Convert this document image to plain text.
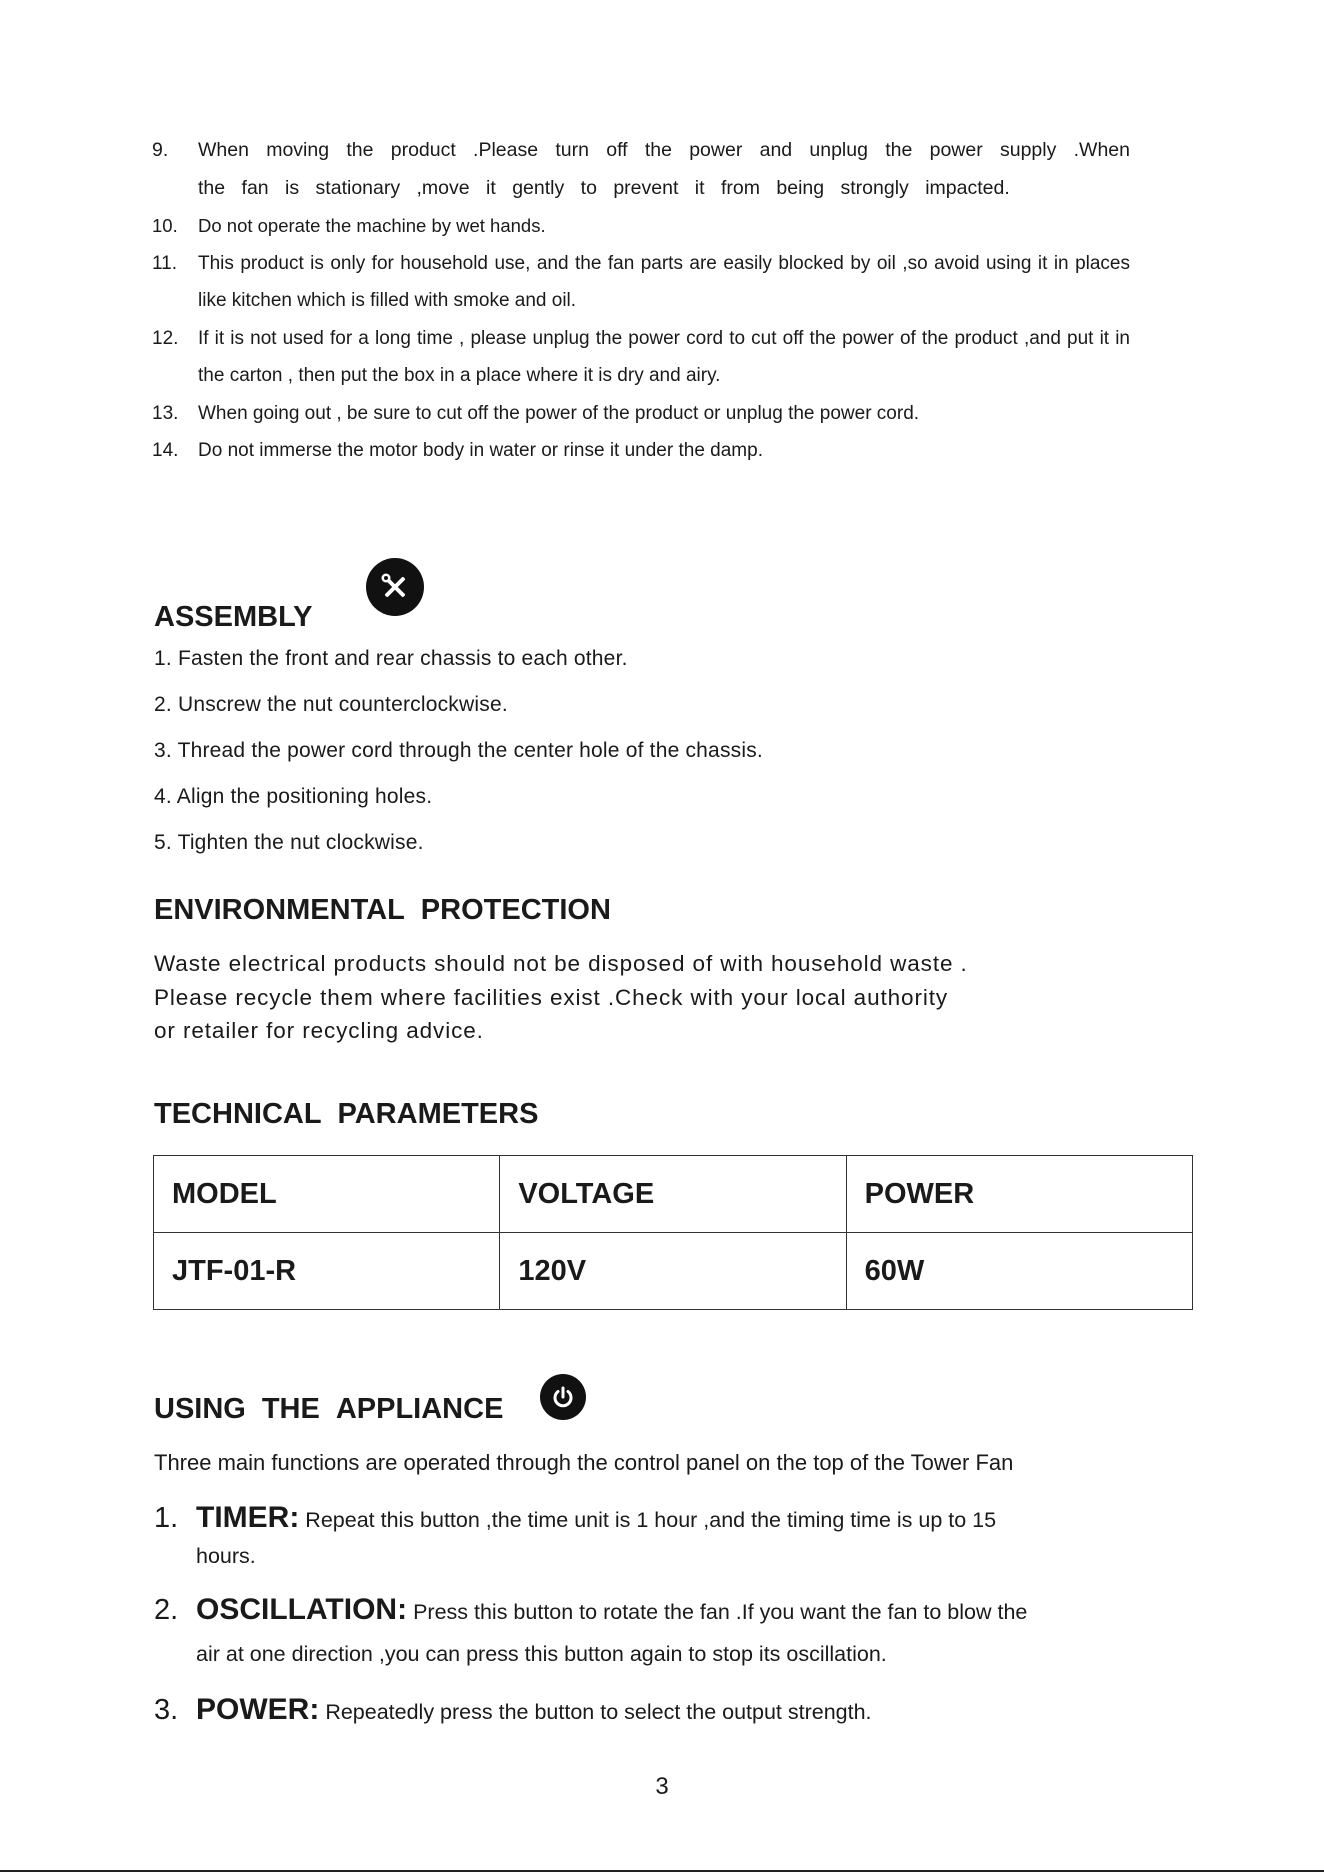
9. When moving the product .Please turn off the power and unplug the power supply .When the fan is stationary ,move it gently to prevent it from being strongly impacted.
10. Do not operate the machine by wet hands.
11. This product is only for household use, and the fan parts are easily blocked by oil ,so avoid using it in places like kitchen which is filled with smoke and oil.
12. If it is not used for a long time , please unplug the power cord to cut off the power of the product ,and put it in the carton , then put the box in a place where it is dry and airy.
13. When going out , be sure to cut off the power of the product or unplug the power cord.
14. Do not immerse the motor body in water or rinse it under the damp.
ASSEMBLY
1. Fasten the front and rear chassis to each other.
2. Unscrew the nut counterclockwise.
3. Thread the power cord through the center hole of the chassis.
4. Align the positioning holes.
5. Tighten the nut clockwise.
ENVIRONMENTAL PROTECTION
Waste electrical products should not be disposed of with household waste .
Please recycle them where facilities exist .Check with your local authority
or retailer for recycling advice.
TECHNICAL PARAMETERS
MODEL	VOLTAGE	POWER
JTF-01-R	120V	60W
USING THE APPLIANCE

Three main functions are operated through the control panel on the top of the Tower Fan

1. TIMER: Repeat this button ,the time unit is 1 hour ,and the timing time is up to 15
hours.
2. OSCILLATION: Press this button to rotate the fan .If you want the fan to blow the
air at one direction ,you can press this button again to stop its oscillation.
3. POWER: Repeatedly press the button to select the output strength.
3
